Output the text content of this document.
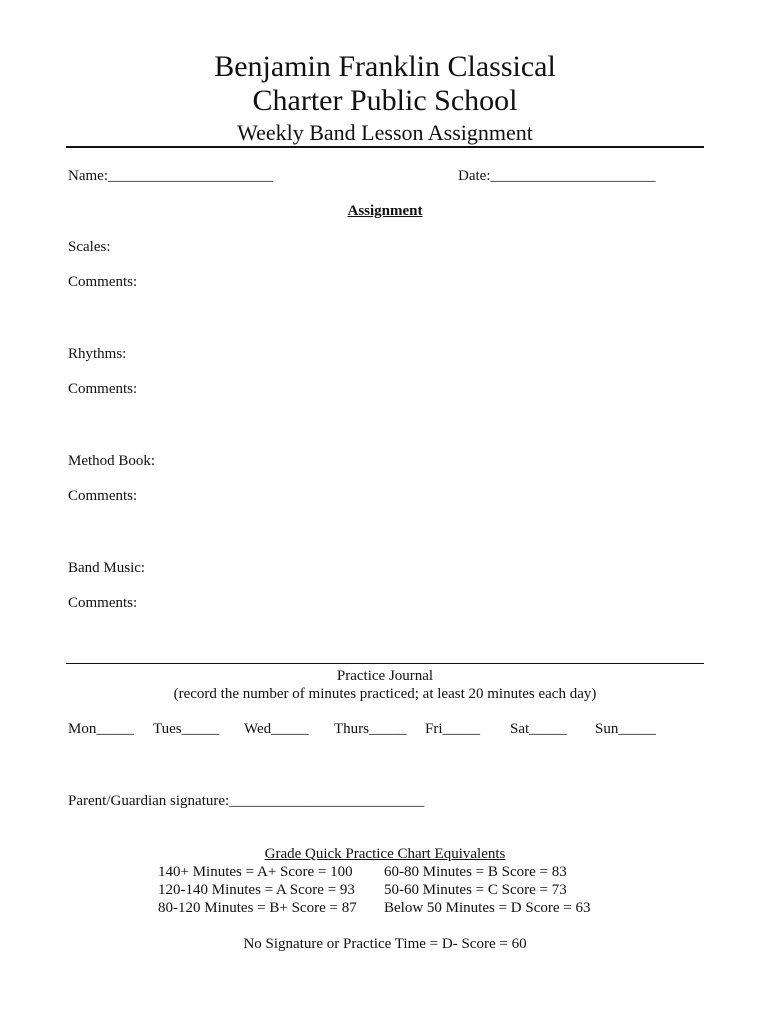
Benjamin Franklin Classical
Charter Public School
Weekly Band Lesson Assignment
Name:______________________	Date:______________________
Assignment
Scales:
Comments:
Rhythms:
Comments:
Method Book:
Comments:
Band Music:
Comments:
Practice Journal
(record the number of minutes practiced; at least 20 minutes each day)
Mon_____ Tues_____ Wed_____ Thurs_____ Fri_____ Sat_____ Sun_____
Parent/Guardian signature:__________________________
Grade Quick Practice Chart Equivalents
140+ Minutes = A+ Score = 100 60-80 Minutes = B Score = 83
120-140 Minutes = A Score = 93 50-60 Minutes = C Score = 73
80-120 Minutes = B+ Score = 87 Below 50 Minutes = D Score = 63
No Signature or Practice Time = D- Score = 60
